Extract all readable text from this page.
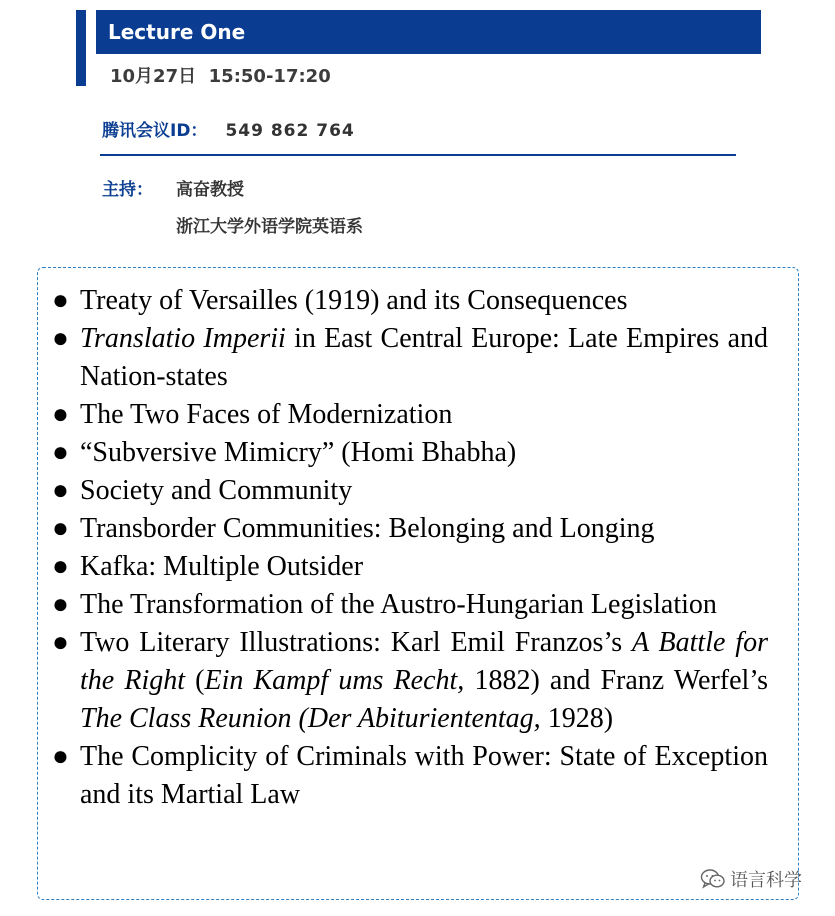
Lecture One
10月27日 15:50-17:20
腾讯会议ID： 549 862 764
主持： 高奋教授
浙江大学外语学院英语系
● Treaty of Versailles (1919) and its Consequences
● Translatio Imperii in East Central Europe: Late Empires and Nation-states
● The Two Faces of Modernization
● “Subversive Mimicry” (Homi Bhabha)
● Society and Community
● Transborder Communities: Belonging and Longing
● Kafka: Multiple Outsider
● The Transformation of the Austro-Hungarian Legislation
● Two Literary Illustrations: Karl Emil Franzos’s A Battle for the Right (Ein Kampf ums Recht, 1882) and Franz Werfel’s The Class Reunion (Der Abituriententag, 1928)
● The Complicity of Criminals with Power: State of Exception and its Martial Law
语言科学
